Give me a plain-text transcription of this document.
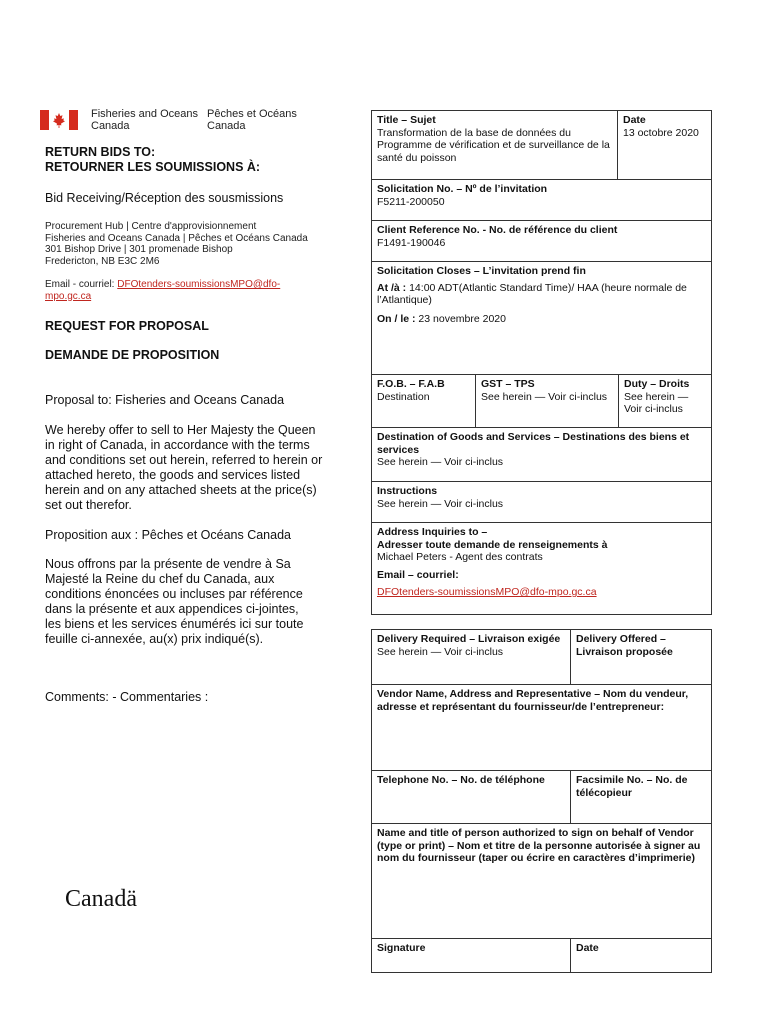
Fisheries and Oceans
Canada
Pêches et Océans
Canada
RETURN BIDS TO:
RETOURNER LES SOUMISSIONS À:
Bid Receiving/Réception des sousmissions
Procurement Hub | Centre d'approvisionnement
Fisheries and Oceans Canada | Pêches et Océans Canada
301 Bishop Drive | 301 promenade Bishop
Fredericton, NB E3C 2M6
Email - courriel: DFOtenders-soumissionsMPO@dfo-
mpo.gc.ca
REQUEST FOR PROPOSAL
DEMANDE DE PROPOSITION
Proposal to: Fisheries and Oceans Canada
We hereby offer to sell to Her Majesty the Queen in right of Canada, in accordance with the terms and conditions set out herein, referred to herein or attached hereto, the goods and services listed herein and on any attached sheets at the price(s) set out therefor.
Proposition aux : Pêches et Océans Canada
Nous offrons par la présente de vendre à Sa Majesté la Reine du chef du Canada, aux conditions énoncées ou incluses par référence dans la présente et aux appendices ci-jointes, les biens et les services énumérés ici sur toute feuille ci-annexée, au(x) prix indiqué(s).
Comments: - Commentaries :
Canadä
Title – Sujet
Transformation de la base de données du Programme de vérification et de surveillance de la santé du poisson
Date
13 octobre 2020
Solicitation No. – Nº de l’invitation
F5211-200050
Client Reference No. - No. de référence du client
F1491-190046
Solicitation Closes – L’invitation prend fin
At /à : 14:00 ADT(Atlantic Standard Time)/ HAA (heure normale de l’Atlantique)
On / le : 23 novembre 2020
F.O.B. – F.A.B
Destination
GST – TPS
See herein — Voir ci-inclus
Duty – Droits
See herein — Voir ci-inclus
Destination of Goods and Services – Destinations des biens et services
See herein — Voir ci-inclus
Instructions
See herein — Voir ci-inclus
Address Inquiries to –
Adresser toute demande de renseignements à
Michael Peters - Agent des contrats
Email – courriel:
DFOtenders-soumissionsMPO@dfo-mpo.gc.ca
Delivery Required – Livraison exigée
See herein — Voir ci-inclus
Delivery Offered – Livraison proposée
Vendor Name, Address and Representative – Nom du vendeur, adresse et représentant du fournisseur/de l’entrepreneur:
Telephone No. – No. de téléphone	Facsimile No. – No. de télécopieur
Name and title of person authorized to sign on behalf of Vendor (type or print) – Nom et titre de la personne autorisée à signer au nom du fournisseur (taper ou écrire en caractères d’imprimerie)
Signature	Date
